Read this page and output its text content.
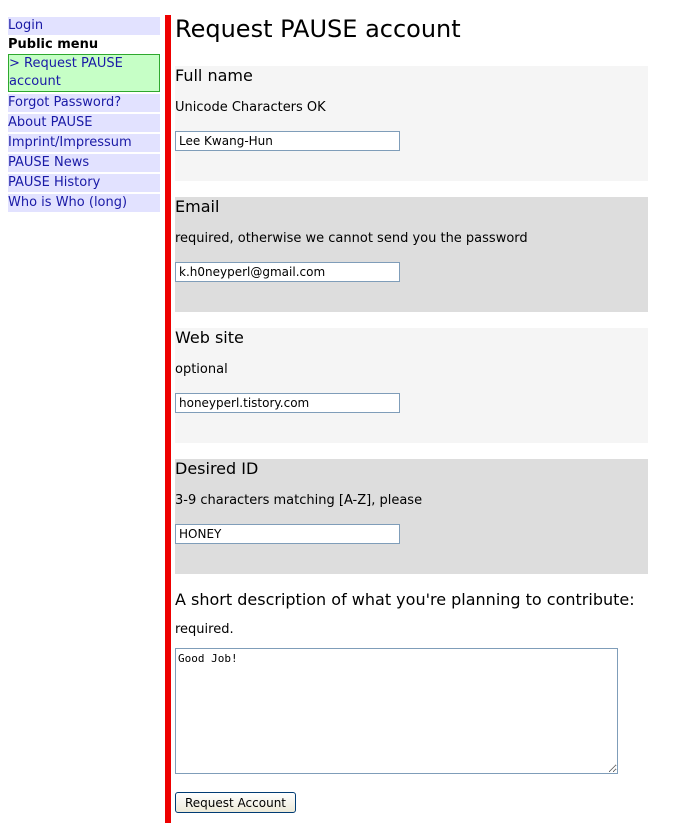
Login
Public menu
> Request PAUSE account
Forgot Password?
About PAUSE
Imprint/Impressum
PAUSE News
PAUSE History
Who is Who (long)
Request PAUSE account
Full name
Unicode Characters OK
Lee Kwang-Hun
Email
required, otherwise we cannot send you the password
k.h0neyperl@gmail.com
Web site
optional
honeyperl.tistory.com
Desired ID
3-9 characters matching [A-Z], please
HONEY
A short description of what you're planning to contribute:
required.
Good Job!
Request Account
